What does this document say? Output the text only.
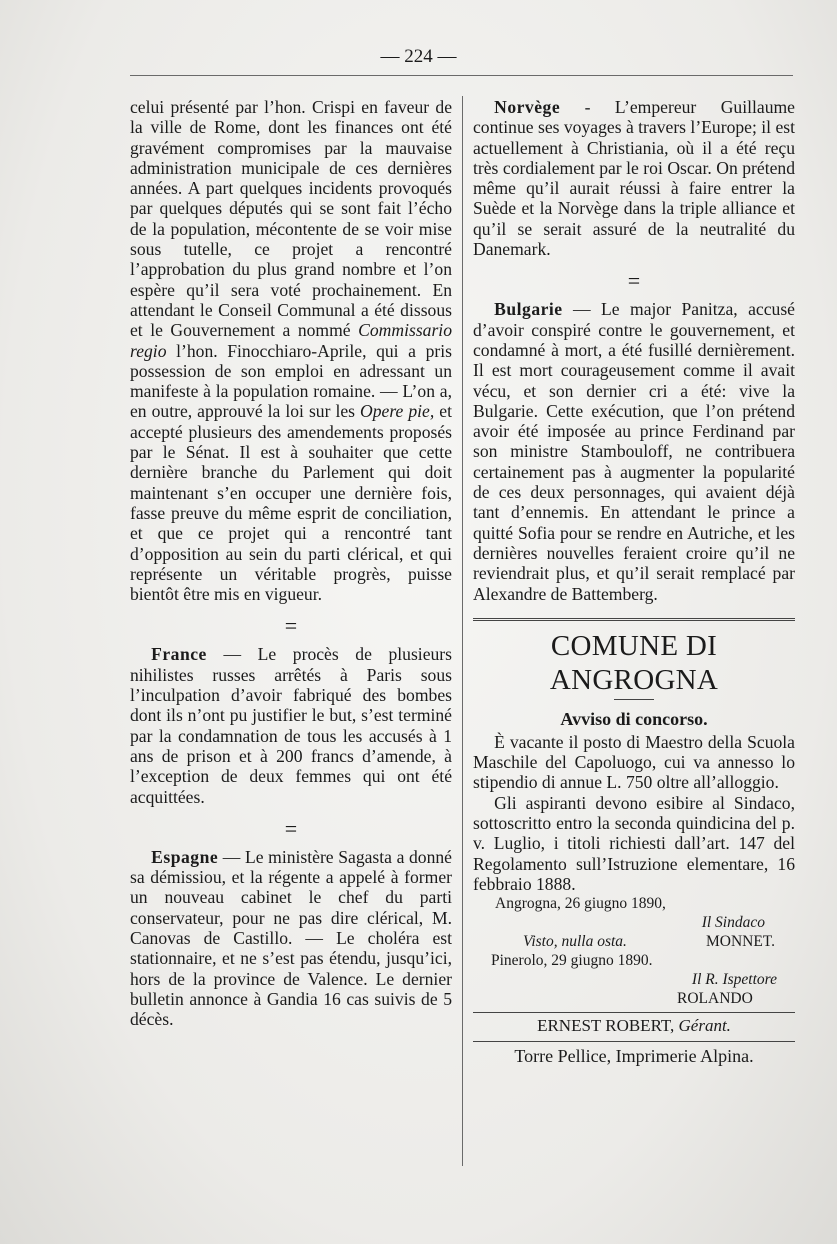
— 224 —

celui présenté par l’hon. Crispi en faveur de la ville de Rome, dont les finances ont été gravément compromises par la mauvaise administration municipale de ces dernières années. A part quelques incidents provoqués par quelques députés qui se sont fait l’écho de la population, mécontente de se voir mise sous tutelle, ce projet a rencontré l’approbation du plus grand nombre et l’on espère qu’il sera voté prochainement. En attendant le Conseil Communal a été dissous et le Gouvernement a nommé Commissario regio l’hon. Finocchiaro-Aprile, qui a pris possession de son emploi en adressant un manifeste à la population romaine. — L’on a, en outre, approuvé la loi sur les Opere pie, et accepté plusieurs des amendements proposés par le Sénat. Il est à souhaiter que cette dernière branche du Parlement qui doit maintenant s’en occuper une dernière fois, fasse preuve du même esprit de conciliation, et que ce projet qui a rencontré tant d’opposition au sein du parti clérical, et qui représente un véritable progrès, puisse bientôt être mis en vigueur.

=

France — Le procès de plusieurs nihilistes russes arrêtés à Paris sous l’inculpation d’avoir fabriqué des bombes dont ils n’ont pu justifier le but, s’est terminé par la condamnation de tous les accusés à 1 ans de prison et à 200 francs d’amende, à l’exception de deux femmes qui ont été acquittées.

=

Espagne — Le ministère Sagasta a donné sa démissiou, et la régente a appelé à former un nouveau cabinet le chef du parti conservateur, pour ne pas dire clérical, M. Canovas de Castillo. — Le choléra est stationnaire, et ne s’est pas étendu, jusqu’ici, hors de la province de Valence. Le dernier bulletin annonce à Gandia 16 cas suivis de 5 décès.

Norvège - L’empereur Guillaume continue ses voyages à travers l’Europe; il est actuellement à Christiania, où il a été reçu très cordialement par le roi Oscar. On prétend même qu’il aurait réussi à faire entrer la Suède et la Norvège dans la triple alliance et qu’il se serait assuré de la neutralité du Danemark.

=

Bulgarie — Le major Panitza, accusé d’avoir conspiré contre le gouvernement, et condamné à mort, a été fusillé dernièrement. Il est mort courageusement comme il avait vécu, et son dernier cri a été: vive la Bulgarie. Cette exécution, que l’on prétend avoir été imposée au prince Ferdinand par son ministre Stambouloff, ne contribuera certainement pas à augmenter la popularité de ces deux personnages, qui avaient déjà tant d’ennemis. En attendant le prince a quitté Sofia pour se rendre en Autriche, et les dernières nouvelles feraient croire qu’il ne reviendrait plus, et qu’il serait remplacé par Alexandre de Battemberg.

COMUNE DI ANGROGNA
Avviso di concorso.

È vacante il posto di Maestro della Scuola Maschile del Capoluogo, cui va annesso lo stipendio di annue L. 750 oltre all’alloggio.

Gli aspiranti devono esibire al Sindaco, sottoscritto entro la seconda quindicina del p. v. Luglio, i titoli richiesti dall’art. 147 del Regolamento sull’Istruzione elementare, 16 febbraio 1888.

Angrogna, 26 giugno 1890,
Il Sindaco
Visto, nulla osta.	MONNET.
Pinerolo, 29 giugno 1890.
Il R. Ispettore
ROLANDO
ERNEST ROBERT, Gérant.
Torre Pellice, Imprimerie Alpina.
